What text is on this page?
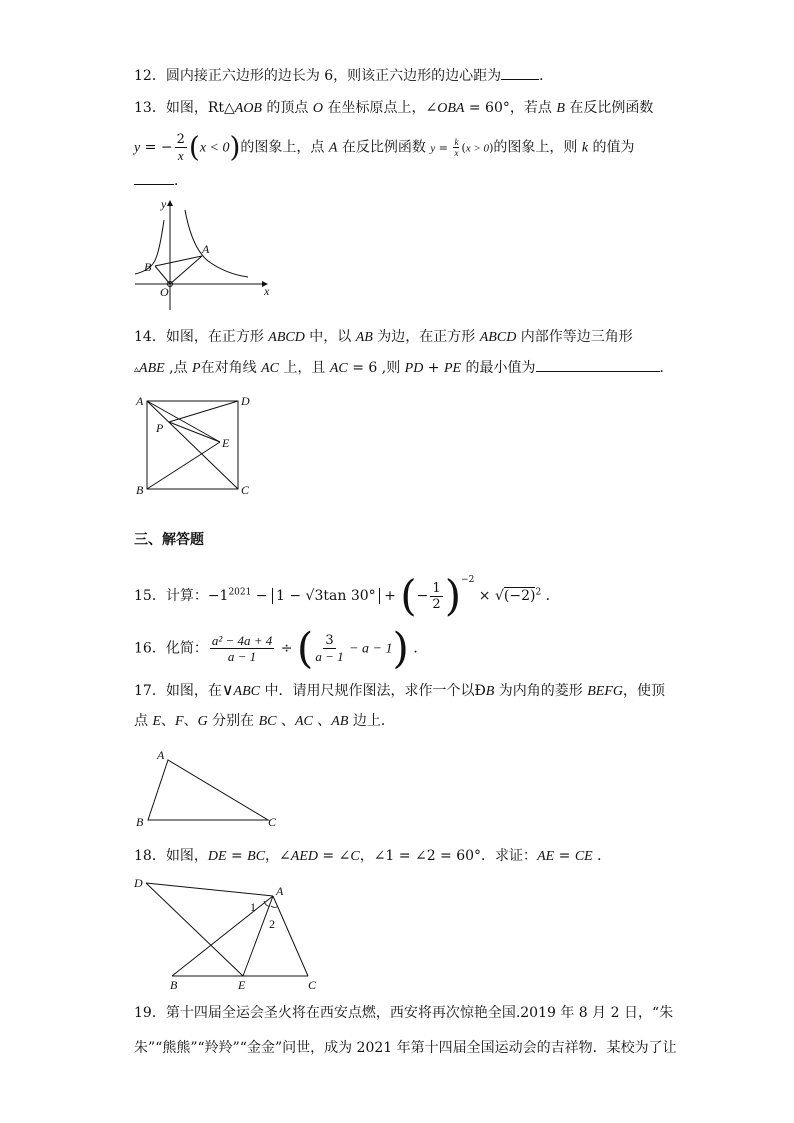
12．圆内接正六边形的边长为 6，则该正六边形的边心距为	．
13．如图，Rt△AOB 的顶点 O 在坐标原点上，∠OBA = 60°，若点 B 在反比例函数
y = − $\frac{2}{x} (x < 0)$的图象上，点 A 在反比例函数 $y = \frac{k}{x} (x > 0)$的图象上，则 k 的值为
．
y
x
A
B
O
14．如图，在正方形 ABCD 中，以 AB 为边，在正方形 ABCD 内部作等边三角形
▵ABE ,点 P在对角线 AC 上，且 AC = 6 ,则 PD + PE 的最小值为	．
A	D
P
E
B	C
三、解答题
15．计算：$-1^{2021} - 1 - √3\tan$ 30° + (− $\frac{1}{2} )^{-2} \times √(-2)^2$ ．
16．化简： $\frac{\text{a² − 4a + 4}}{a - 1}$ ÷ ( $\frac{3}{a - 1} - a - 1$) ．
17．如图，在∨ABC 中．请用尺规作图法，求作一个以ÐB 为内角的菱形 BEFG，使顶
点 E、F、G 分别在 BC 、AC 、AB 边上．
A
B	C
18．如图，DE = BC，∠AED = ∠C，∠1 = ∠2 = 60°．求证：AE = CE ．
D
A
1
2
B	E	C
19．第十四届全运会圣火将在西安点燃，西安将再次惊艳全国.2019 年 8 月 2 日，“朱
朱”“熊熊”“羚羚”“金金”问世，成为 2021 年第十四届全国运动会的吉祥物．某校为了让
